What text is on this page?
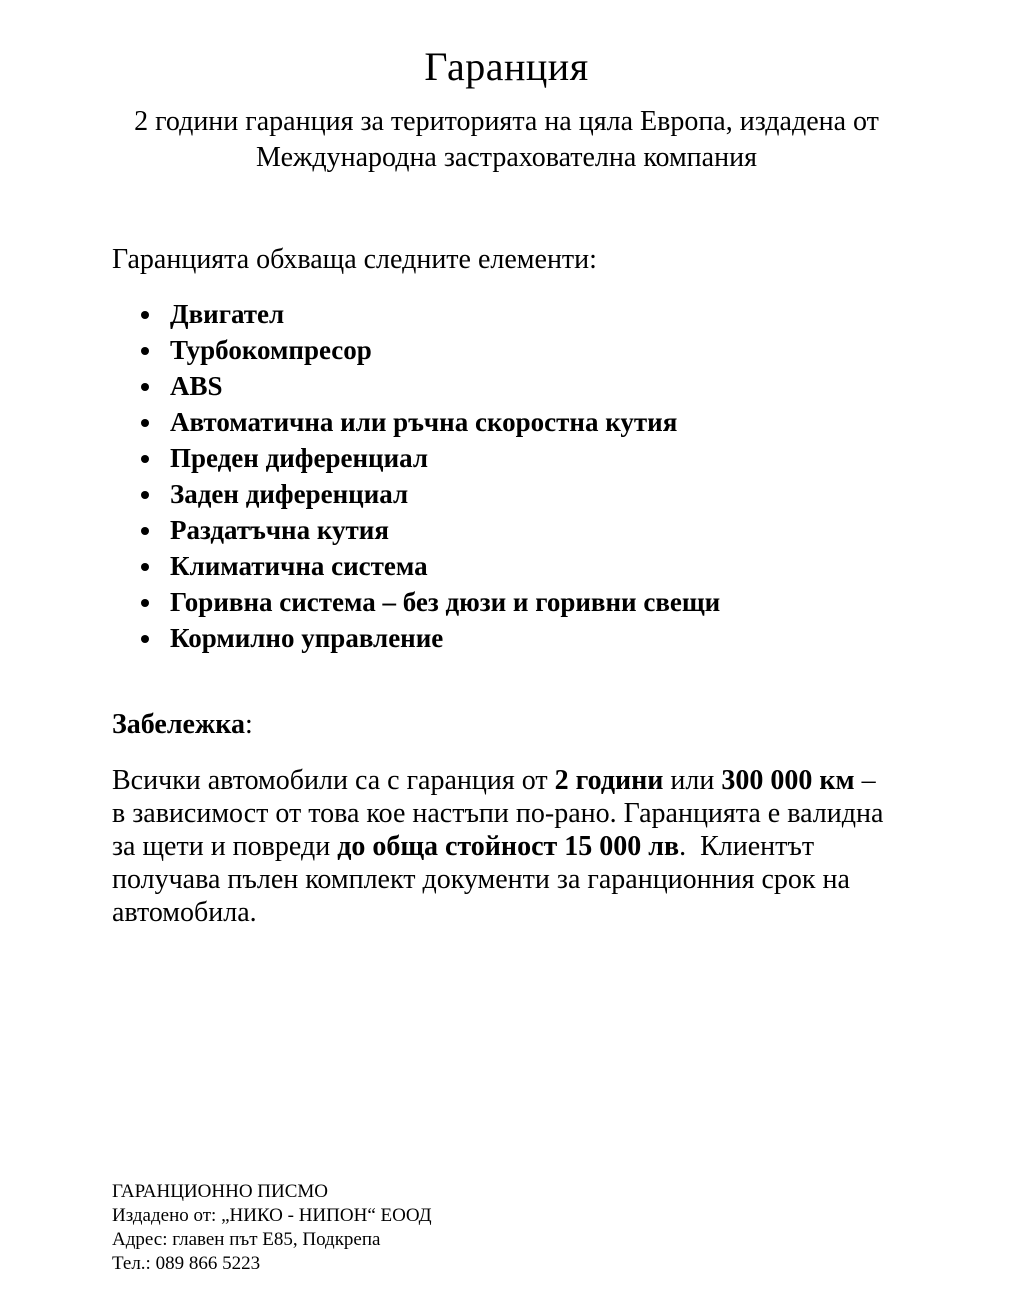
Гаранция

2 години гаранция за територията на цяла Европа, издадена от Международна застрахователна компания

Гаранцията обхваща следните елементи:

• Двигател
• Турбокомпресор
• ABS
• Автоматична или ръчна скоростна кутия
• Преден диференциал
• Заден диференциал
• Раздатъчна кутия
• Климатична система
• Горивна система – без дюзи и горивни свещи
• Кормилно управление

Забележка:

Всички автомобили са с гаранция от 2 години или 300 000 км – в зависимост от това кое настъпи по-рано. Гаранцията е валидна за щети и повреди до обща стойност 15 000 лв.  Клиентът получава пълен комплект документи за гаранционния срок на автомобила.

ГАРАНЦИОННО ПИСМО
Издадено от: „НИКО - НИПОН“ ЕООД
Адрес: главен път Е85, Подкрепа
Тел.: 089 866 5223
